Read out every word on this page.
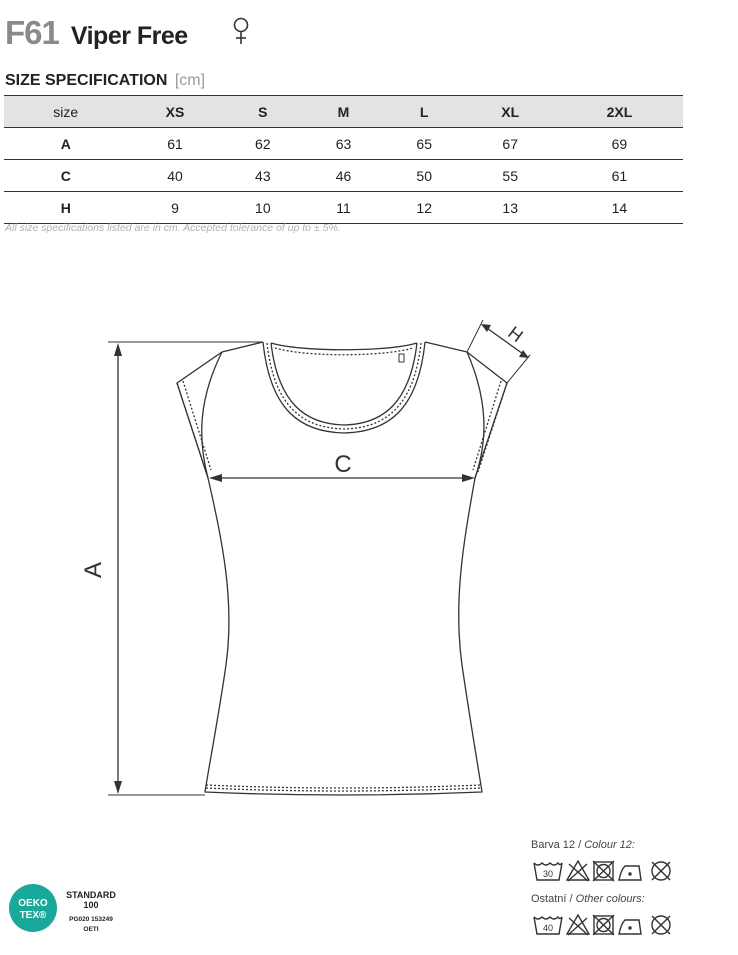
F61 Viper Free
SIZE SPECIFICATION [cm]
size	XS	S	M	L	XL	2XL
A	61	62	63	65	67	69
C	40	43	46	50	55	61
H	9	10	11	12	13	14
All size specifications listed are in cm. Accepted tolerance of up to ± 5%.
A
C
H
Barva 12 / Colour 12:
30
Ostatní / Other colours:
40
OEKO
TEX®
STANDARD
100
PG020 153249
OETI
